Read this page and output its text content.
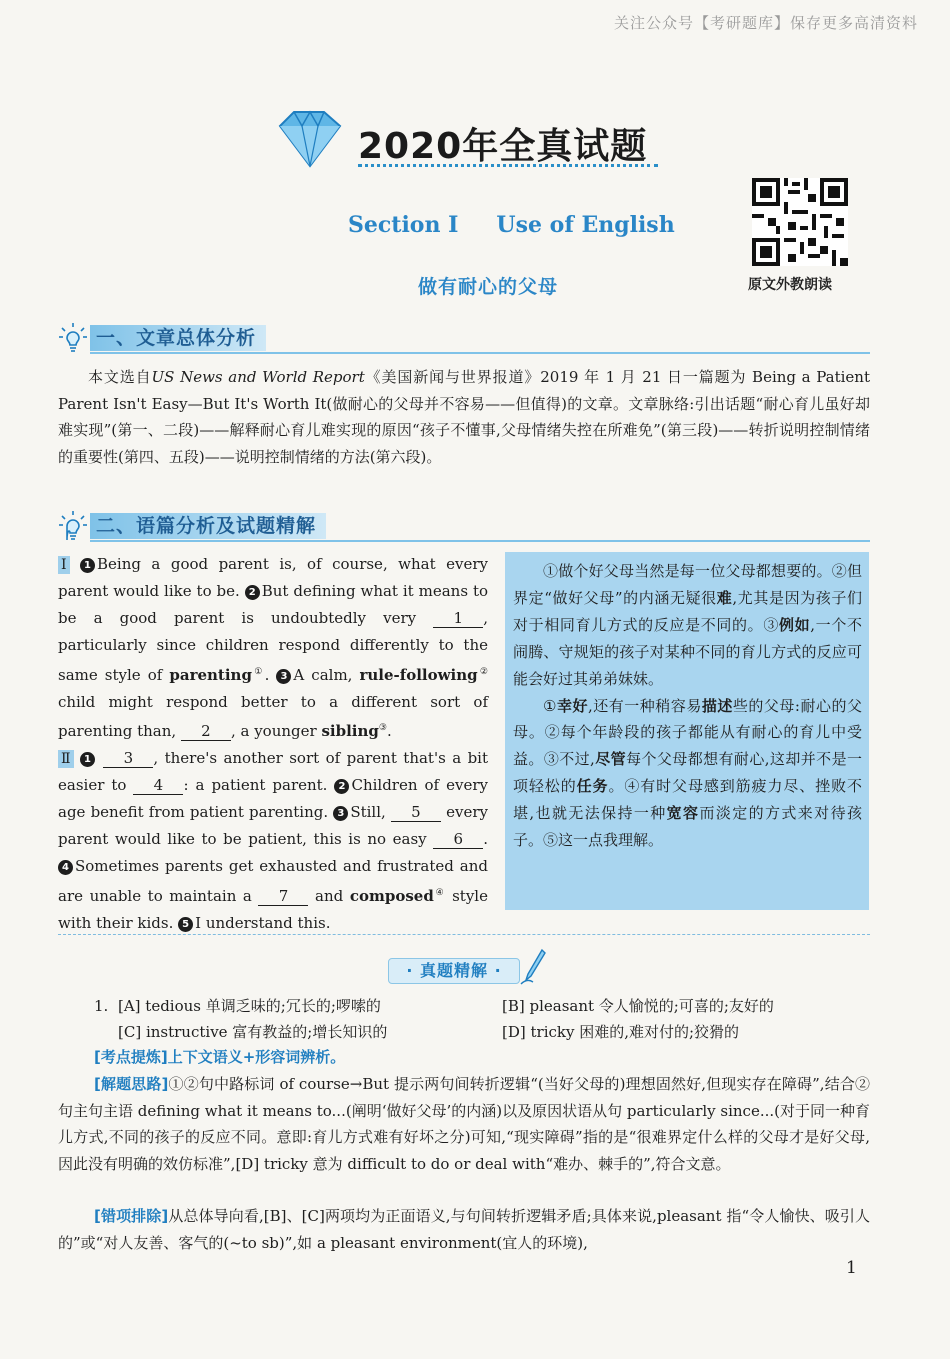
关注公众号【考研题库】保存更多高清资料
2020年全真试题
Section Ⅰ Use of English
做有耐心的父母	原文外教朗读
一、文章总体分析
本文选自US News and World Report《美国新闻与世界报道》2019 年 1 月 21 日一篇题为 Being a Patient Parent Isn't Easy—But It's Worth It(做耐心的父母并不容易——但值得)的文章。文章脉络:引出话题“耐心育儿虽好却难实现”(第一、二段)——解释耐心育儿难实现的原因“孩子不懂事,父母情绪失控在所难免”(第三段)——转折说明控制情绪的重要性(第四、五段)——说明控制情绪的方法(第六段)。
二、语篇分析及试题精解
Ⅰ 1 Being a good parent is, of course, what every parent would like to be. 2 But defining what it means to be a good parent is undoubtedly very 1 , particularly since children respond differently to the same style of parenting①. 3 A calm, rule-following② child might respond better to a different sort of parenting than, 2 , a younger sibling③.
Ⅱ 1 3 , there's another sort of parent that's a bit easier to 4 : a patient parent. 2 Children of every age benefit from patient parenting. 3 Still, 5 every parent would like to be patient, this is no easy 6 . 4 Sometimes parents get exhausted and frustrated and are unable to maintain a 7 and composed④ style with their kids. 5 I understand this.

①做个好父母当然是每一位父母都想要的。②但界定“做好父母”的内涵无疑很难,尤其是因为孩子们对于相同育儿方式的反应是不同的。③例如,一个不闹腾、守规矩的孩子对某种不同的育儿方式的反应可能会好过其弟弟妹妹。

①幸好,还有一种稍容易描述些的父母:耐心的父母。②每个年龄段的孩子都能从有耐心的育儿中受益。③不过,尽管每个父母都想有耐心,这却并不是一项轻松的任务。④有时父母感到筋疲力尽、挫败不堪,也就无法保持一种宽容而淡定的方式来对待孩子。⑤这一点我理解。

· 真题精解 ·
1. [A] tedious 单调乏味的;冗长的;啰嗦的	[B] pleasant 令人愉悦的;可喜的;友好的
[C] instructive 富有教益的;增长知识的	[D] tricky 困难的,难对付的;狡猾的
[考点提炼]上下文语义+形容词辨析。
[解题思路]①②句中路标词 of course→But 提示两句间转折逻辑“(当好父母的)理想固然好,但现实存在障碍”,结合②句主句主语 defining what it means to...(阐明‘做好父母’的内涵)以及原因状语从句 particularly since...(对于同一种育儿方式,不同的孩子的反应不同。意即:育儿方式难有好坏之分)可知,“现实障碍”指的是“很难界定什么样的父母才是好父母,因此没有明确的效仿标准”,[D] tricky 意为 difficult to do or deal with“难办、棘手的”,符合文意。
[错项排除]从总体导向看,[B]、[C]两项均为正面语义,与句间转折逻辑矛盾;具体来说,pleasant 指“令人愉快、吸引人的”或“对人友善、客气的(~to sb)”,如 a pleasant environment(宜人的环境),
1
